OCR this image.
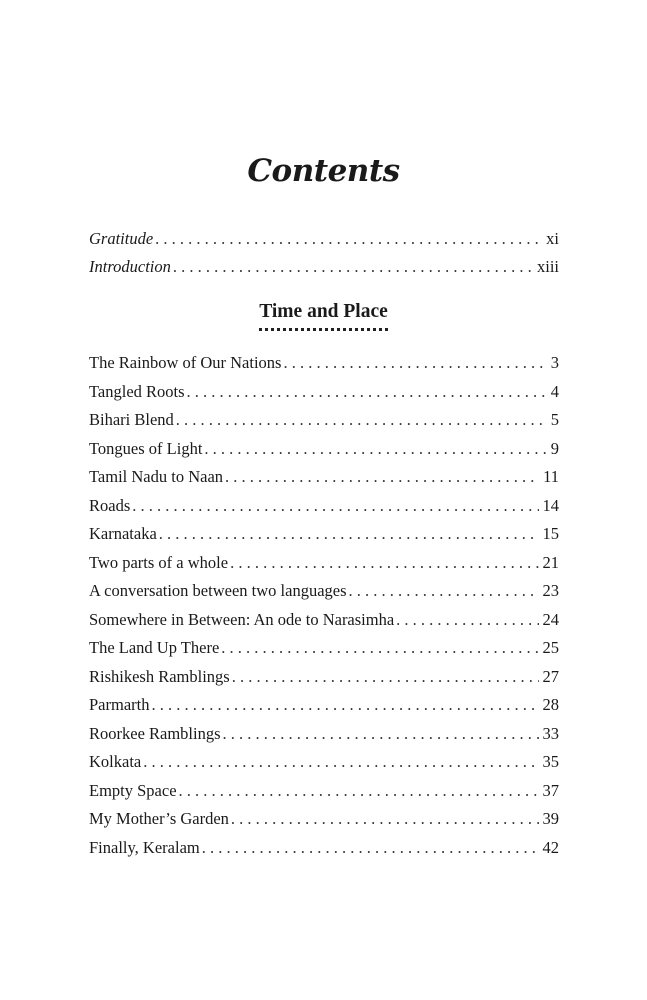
Contents
Gratitude . . .	xi
Introduction . . .	xiii
Time and Place
The Rainbow of Our Nations . . .	3
Tangled Roots . . .	4
Bihari Blend . . .	5
Tongues of Light . . .	9
Tamil Nadu to Naan . . .	11
Roads . . .	14
Karnataka . . .	15
Two parts of a whole . . .	21
A conversation between two languages . . .	23
Somewhere in Between: An ode to Narasimha . . .	24
The Land Up There . . .	25
Rishikesh Ramblings . . .	27
Parmarth . . .	28
Roorkee Ramblings . . .	33
Kolkata . . .	35
Empty Space . . .	37
My Mother’s Garden . . .	39
Finally, Keralam . . .	42
